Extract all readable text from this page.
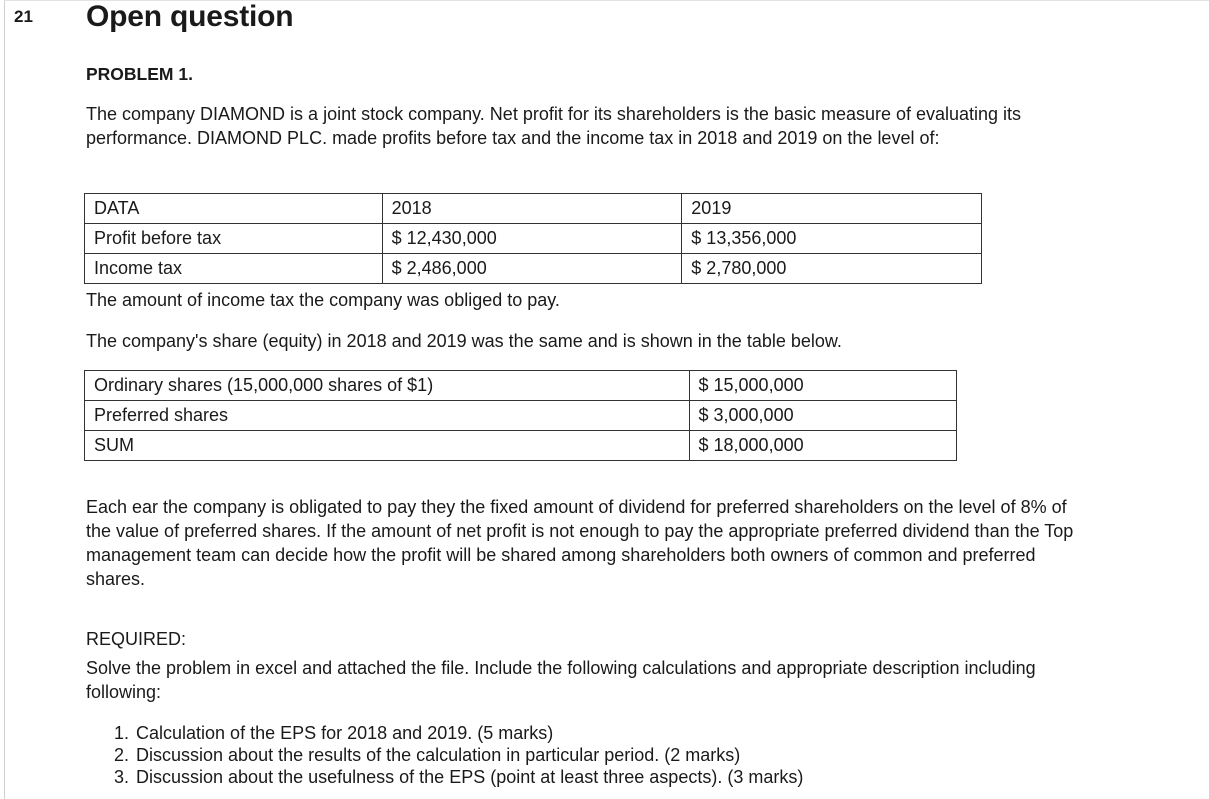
21 Open question
PROBLEM 1.
The company DIAMOND is a joint stock company. Net profit for its shareholders is the basic measure of evaluating its performance. DIAMOND PLC. made profits before tax and the income tax in 2018 and 2019 on the level of:
DATA	2018	2019
Profit before tax	$ 12,430,000	$ 13,356,000
Income tax	$ 2,486,000	$ 2,780,000
The amount of income tax the company was obliged to pay.
The company's share (equity) in 2018 and 2019 was the same and is shown in the table below.
Ordinary shares (15,000,000 shares of $1)	$ 15,000,000
Preferred shares	$ 3,000,000
SUM	$ 18,000,000
Each ear the company is obligated to pay they the fixed amount of dividend for preferred shareholders on the level of 8% of the value of preferred shares. If the amount of net profit is not enough to pay the appropriate preferred dividend than the Top management team can decide how the profit will be shared among shareholders both owners of common and preferred shares.
REQUIRED:
Solve the problem in excel and attached the file. Include the following calculations and appropriate description including following:
1. Calculation of the EPS for 2018 and 2019. (5 marks)
2. Discussion about the results of the calculation in particular period. (2 marks)
3. Discussion about the usefulness of the EPS (point at least three aspects). (3 marks)
